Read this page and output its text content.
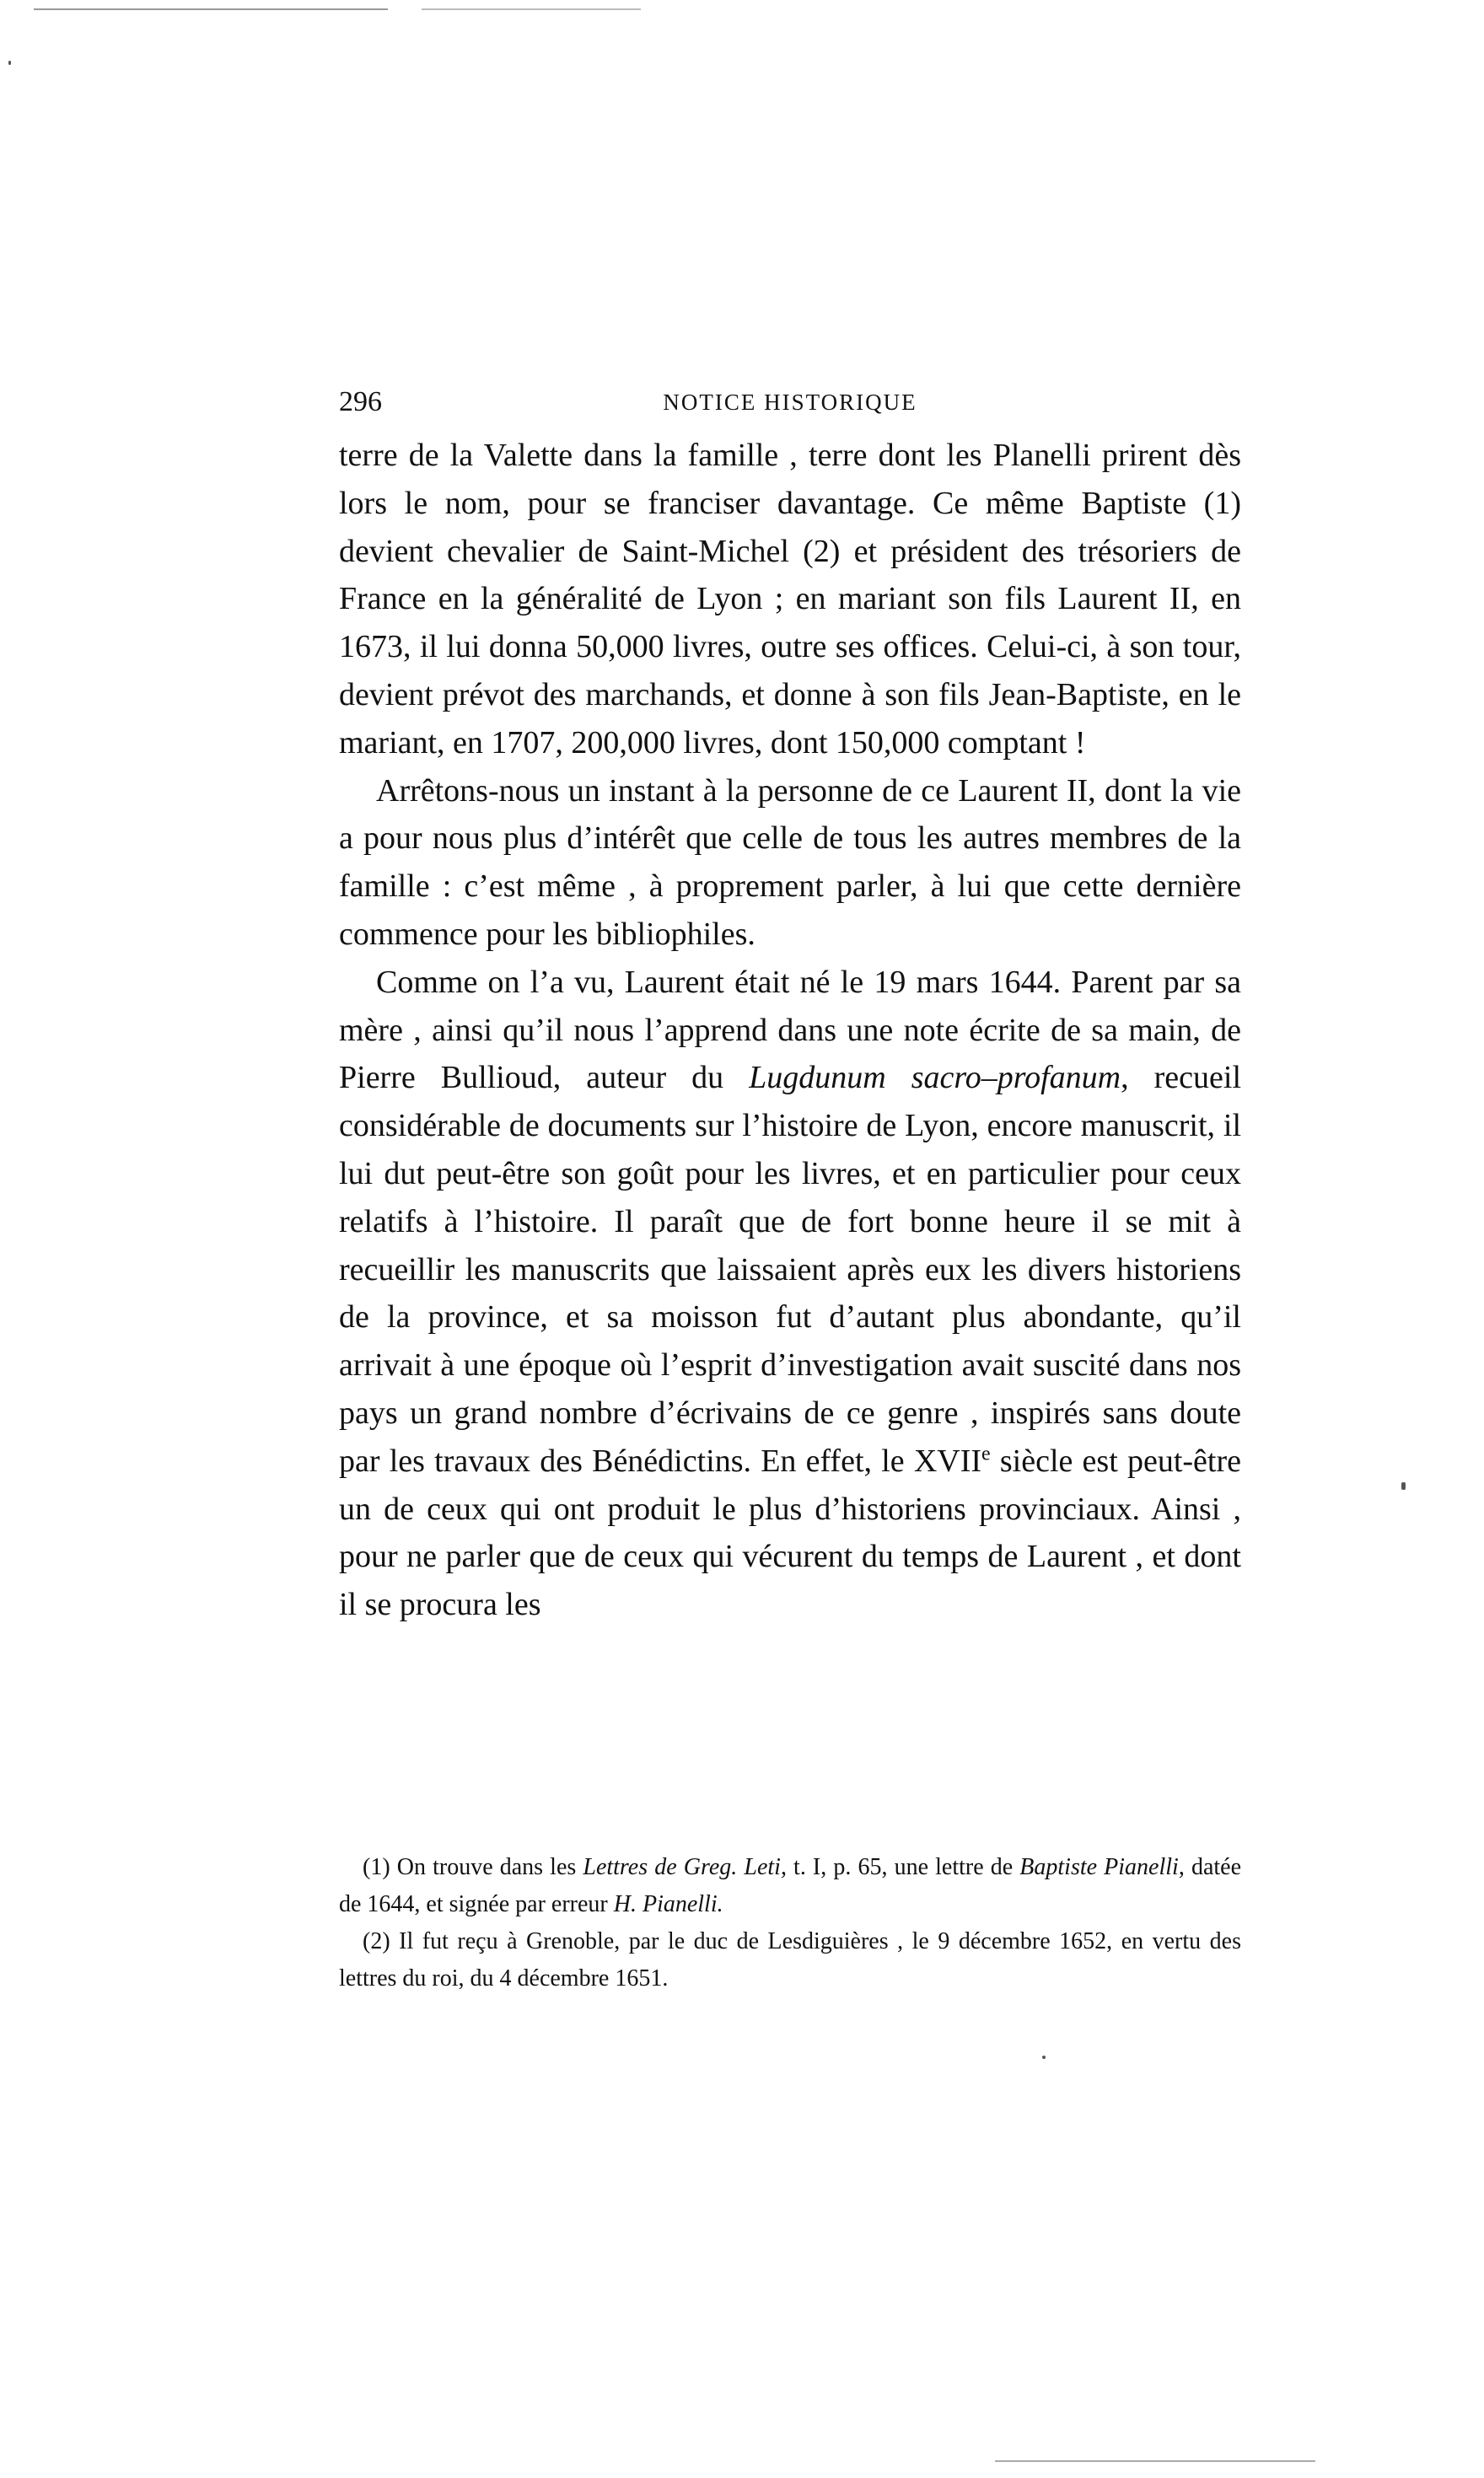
296	NOTICE HISTORIQUE

terre de la Valette dans la famille , terre dont les Planelli prirent dès lors le nom, pour se franciser davantage. Ce même Baptiste (1) devient chevalier de Saint-Michel (2) et président des trésoriers de France en la généralité de Lyon ; en mariant son fils Laurent II, en 1673, il lui donna 50,000 livres, outre ses offices. Celui-ci, à son tour, devient prévot des marchands, et donne à son fils Jean-Baptiste, en le mariant, en 1707, 200,000 livres, dont 150,000 comptant !

Arrêtons-nous un instant à la personne de ce Laurent II, dont la vie a pour nous plus d’intérêt que celle de tous les autres membres de la famille : c’est même , à proprement parler, à lui que cette dernière commence pour les bibliophiles.

Comme on l’a vu, Laurent était né le 19 mars 1644. Parent par sa mère , ainsi qu’il nous l’apprend dans une note écrite de sa main, de Pierre Bullioud, auteur du Lugdunum sacro–profanum, recueil considérable de documents sur l’histoire de Lyon, encore manuscrit, il lui dut peut-être son goût pour les livres, et en particulier pour ceux relatifs à l’histoire. Il paraît que de fort bonne heure il se mit à recueillir les manuscrits que laissaient après eux les divers historiens de la province, et sa moisson fut d’autant plus abondante, qu’il arrivait à une époque où l’esprit d’investigation avait suscité dans nos pays un grand nombre d’écrivains de ce genre , inspirés sans doute par les travaux des Bénédictins. En effet, le XVIIe siècle est peut-être un de ceux qui ont produit le plus d’historiens provinciaux. Ainsi , pour ne parler que de ceux qui vécurent du temps de Laurent , et dont il se procura les

(1) On trouve dans les Lettres de Greg. Leti, t. I, p. 65, une lettre de Baptiste Pianelli, datée de 1644, et signée par erreur H. Pianelli.

(2) Il fut reçu à Grenoble, par le duc de Lesdiguières , le 9 décembre 1652, en vertu des lettres du roi, du 4 décembre 1651.
